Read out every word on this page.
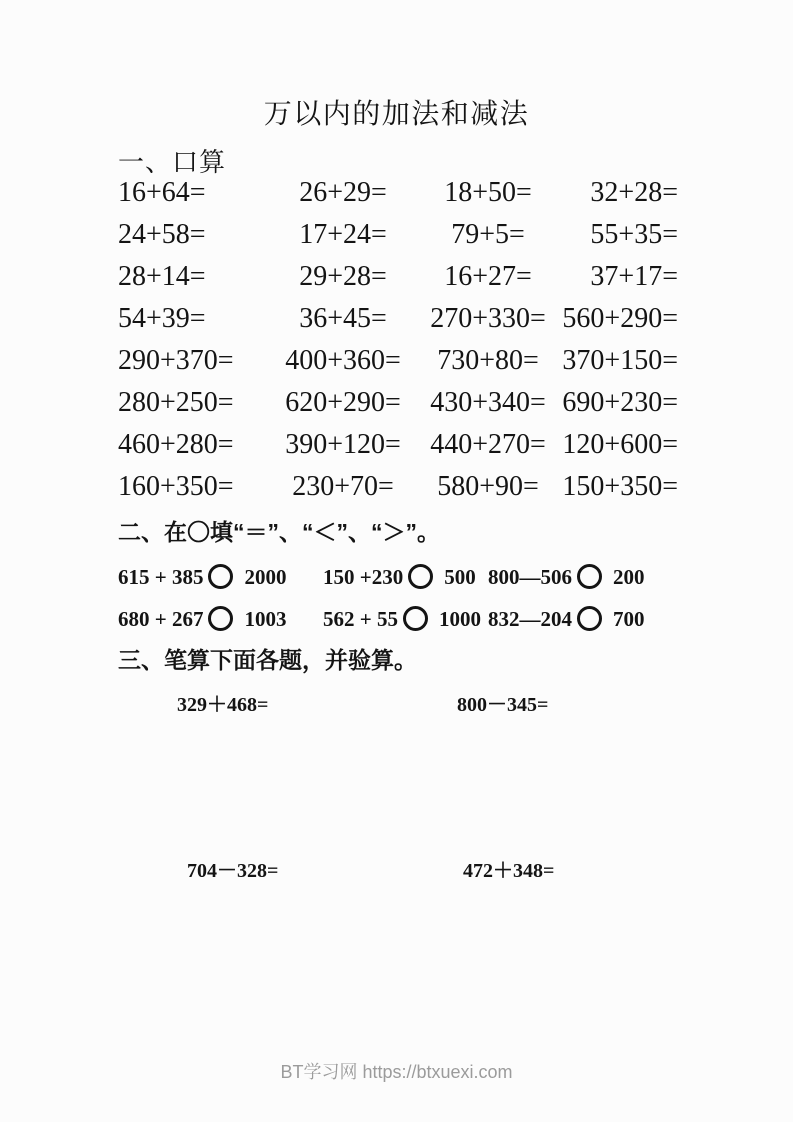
万以内的加法和减法
一、口算
16+64=	26+29=	18+50=	32+28=
24+58=	17+24=	79+5=	55+35=
28+14=	29+28=	16+27=	37+17=
54+39=	36+45=	270+330= 560+290=
290+370=	400+360=	730+80= 370+150=
280+250=	620+290=	430+340= 690+230=
460+280=	390+120=	440+270= 120+600=
160+350=	230+70=	580+90= 150+350=
二、在〇填“＝”、“＜”、“＞”。
615 + 385 2000	150 +230 500 800—506 200
680 + 267 1003	562 + 55 1000 832—204 700
三、笔算下面各题，并验算。
329＋468=	800－345=
704－328=	472＋348=
BT学习网 https://btxuexi.com
